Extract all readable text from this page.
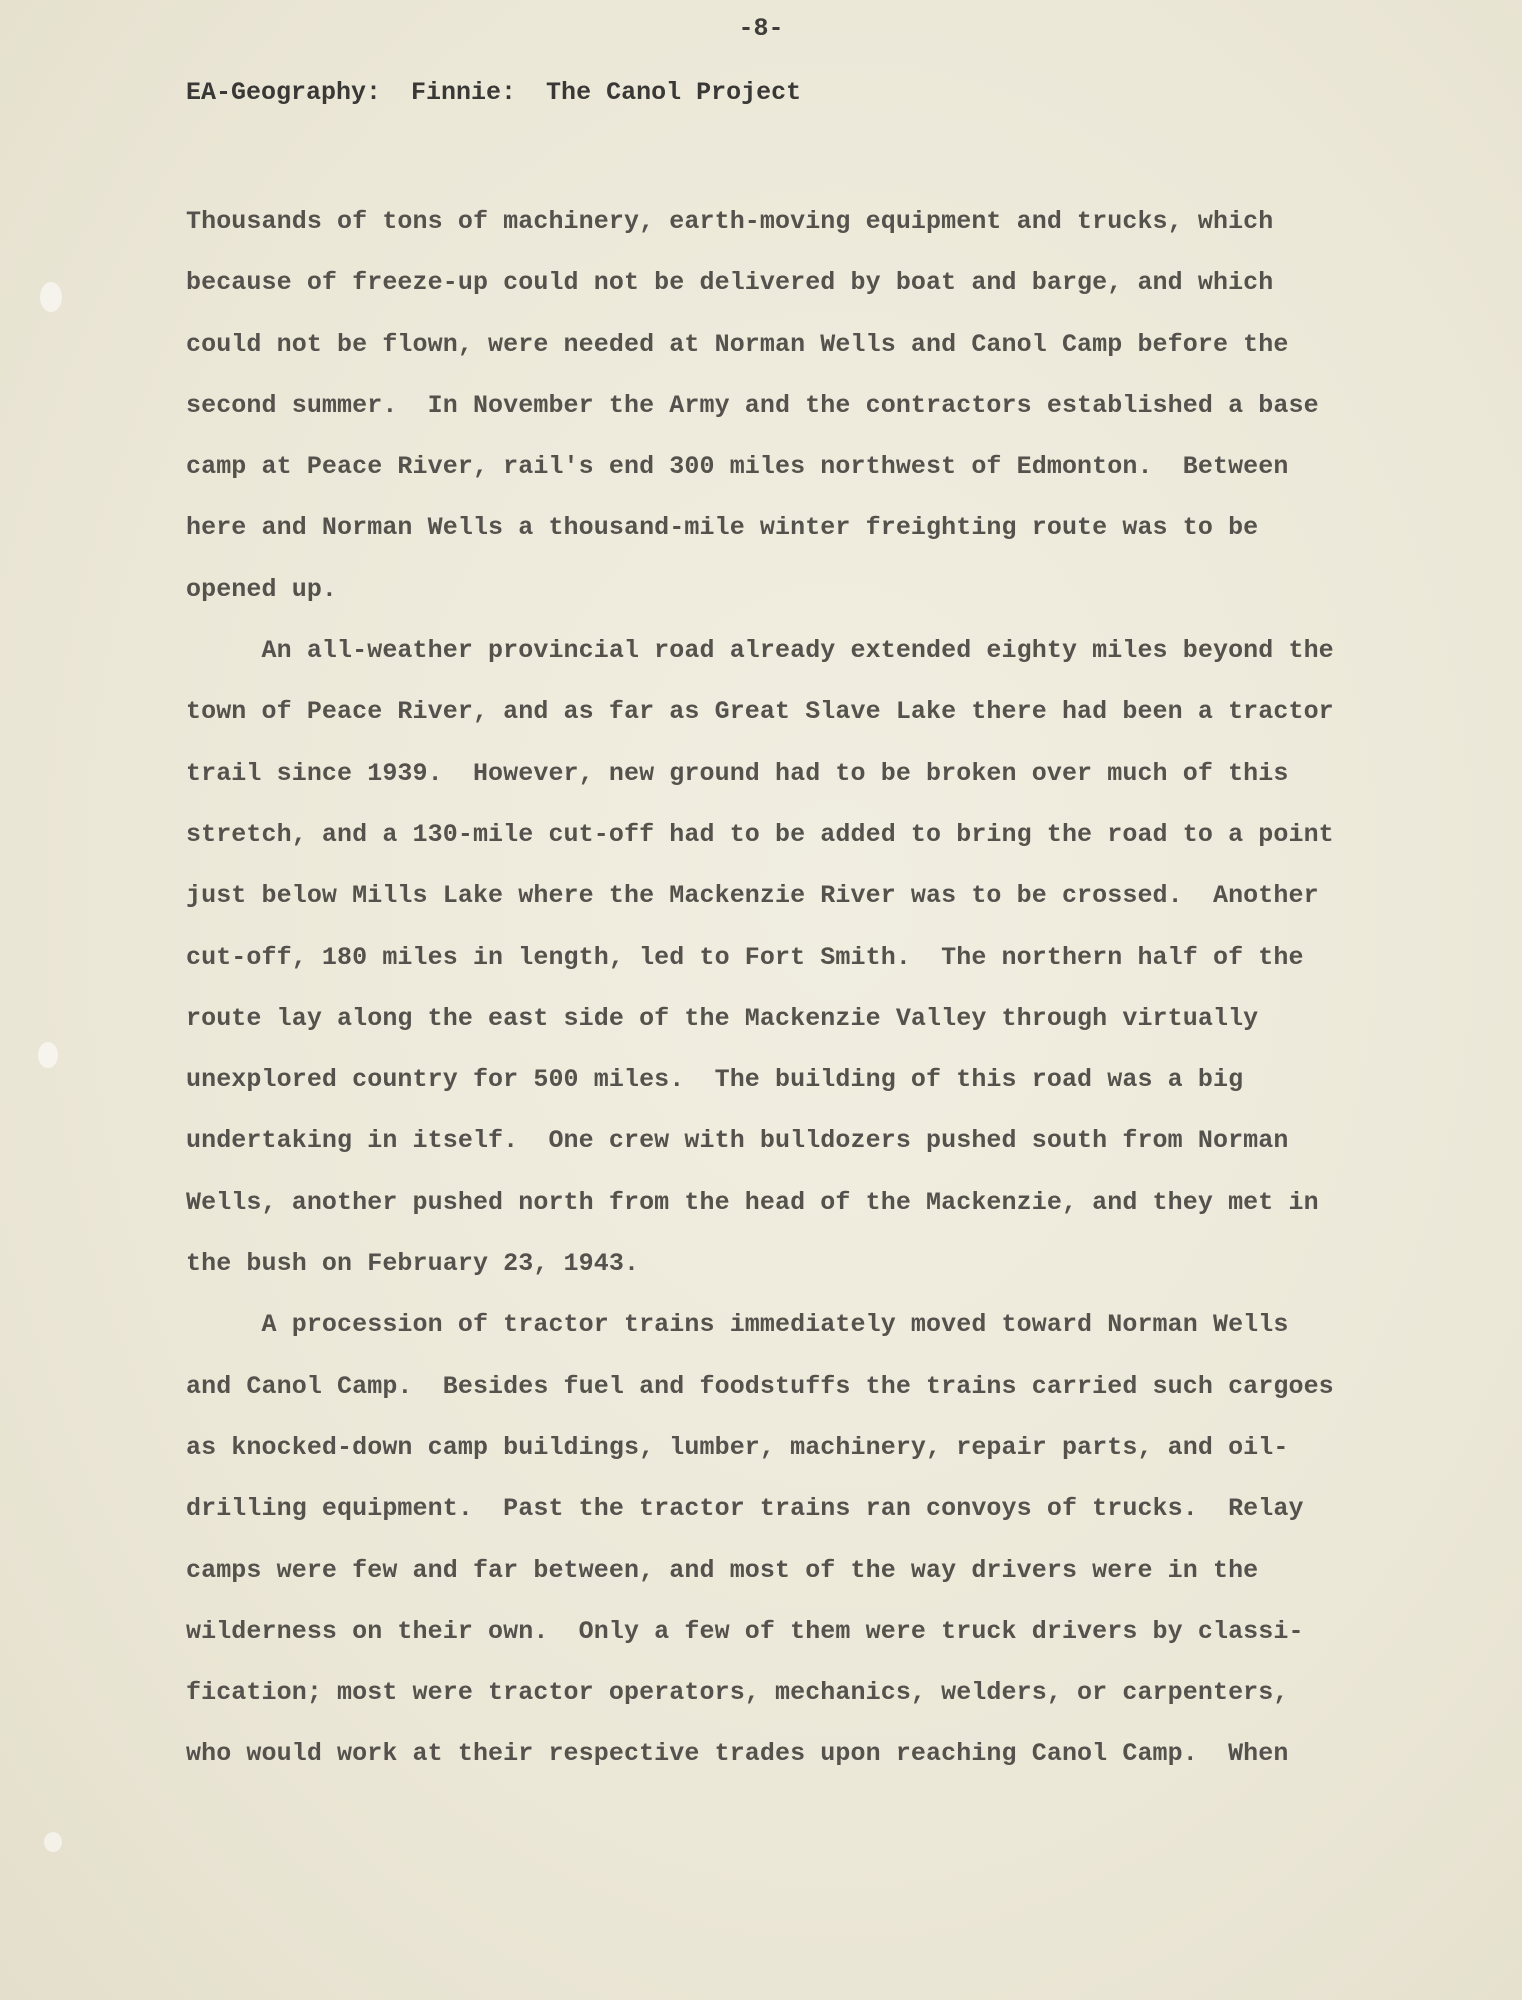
-8-
EA-Geography:  Finnie:  The Canol Project
Thousands of tons of machinery, earth-moving equipment and trucks, which
because of freeze-up could not be delivered by boat and barge, and which
could not be flown, were needed at Norman Wells and Canol Camp before the
second summer.  In November the Army and the contractors established a base
camp at Peace River, rail's end 300 miles northwest of Edmonton.  Between
here and Norman Wells a thousand-mile winter freighting route was to be
opened up.
An all-weather provincial road already extended eighty miles beyond the
town of Peace River, and as far as Great Slave Lake there had been a tractor
trail since 1939.  However, new ground had to be broken over much of this
stretch, and a 130-mile cut-off had to be added to bring the road to a point
just below Mills Lake where the Mackenzie River was to be crossed.  Another
cut-off, 180 miles in length, led to Fort Smith.  The northern half of the
route lay along the east side of the Mackenzie Valley through virtually
unexplored country for 500 miles.  The building of this road was a big
undertaking in itself.  One crew with bulldozers pushed south from Norman
Wells, another pushed north from the head of the Mackenzie, and they met in
the bush on February 23, 1943.
A procession of tractor trains immediately moved toward Norman Wells
and Canol Camp.  Besides fuel and foodstuffs the trains carried such cargoes
as knocked-down camp buildings, lumber, machinery, repair parts, and oil-
drilling equipment.  Past the tractor trains ran convoys of trucks.  Relay
camps were few and far between, and most of the way drivers were in the
wilderness on their own.  Only a few of them were truck drivers by classi-
fication; most were tractor operators, mechanics, welders, or carpenters,
who would work at their respective trades upon reaching Canol Camp.  When
